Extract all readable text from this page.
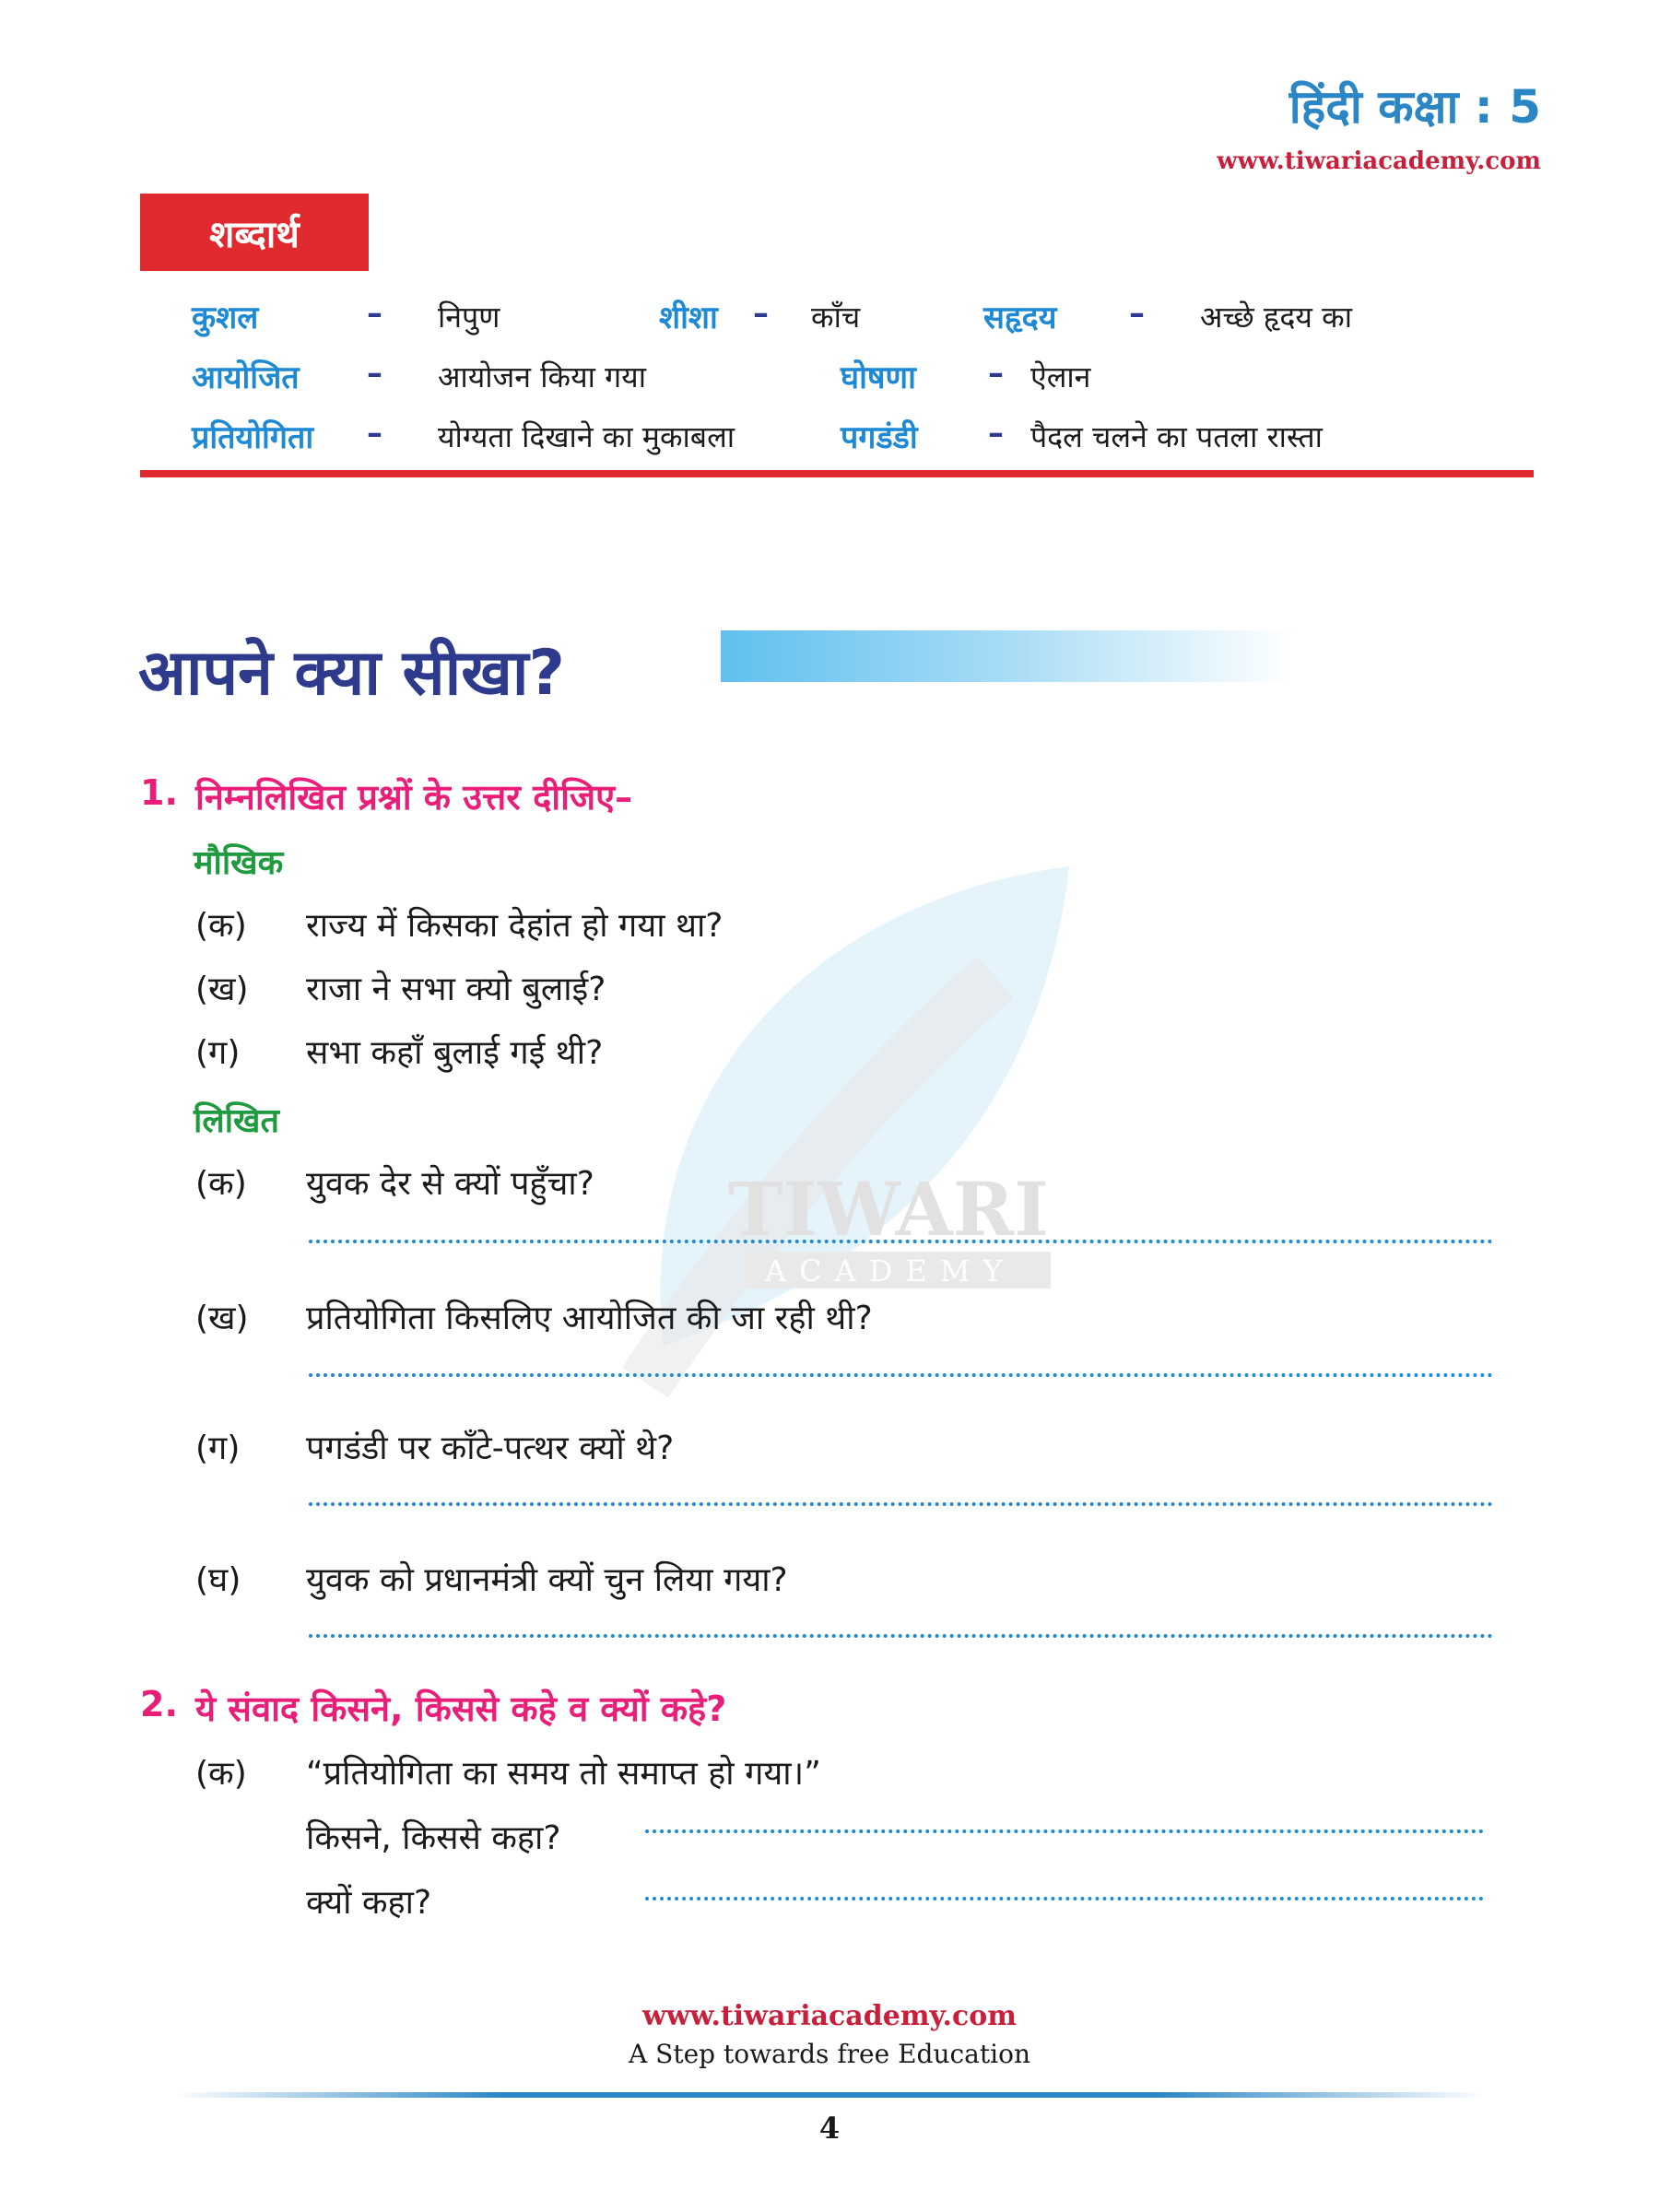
हिंदी कक्षा : 5
www.tiwariacademy.com
शब्दार्थ
कुशल	– निपुण	शीशा – काँच	सहृदय – अच्छे हृदय का
आयोजित – आयोजन किया गया	घोषणा – ऐलान
प्रतियोगिता – योग्यता दिखाने का मुकाबला	पगडंडी – पैदल चलने का पतला रास्ता
आपने क्या सीखा?
TIWARI
ACADEMY
1. निम्नलिखित प्रश्नों के उत्तर दीजिए–
मौखिक
(क) राज्य में किसका देहांत हो गया था?
(ख) राजा ने सभा क्यो बुलाई?
(ग) सभा कहाँ बुलाई गई थी?
लिखित
(क) युवक देर से क्यों पहुँचा?
(ख) प्रतियोगिता किसलिए आयोजित की जा रही थी?
(ग) पगडंडी पर काँटे-पत्थर क्यों थे?
(घ) युवक को प्रधानमंत्री क्यों चुन लिया गया?
2. ये संवाद किसने, किससे कहे व क्यों कहे?
(क) “प्रतियोगिता का समय तो समाप्त हो गया।”
किसने, किससे कहा?
क्यों कहा?
www.tiwariacademy.com
A Step towards free Education
4
